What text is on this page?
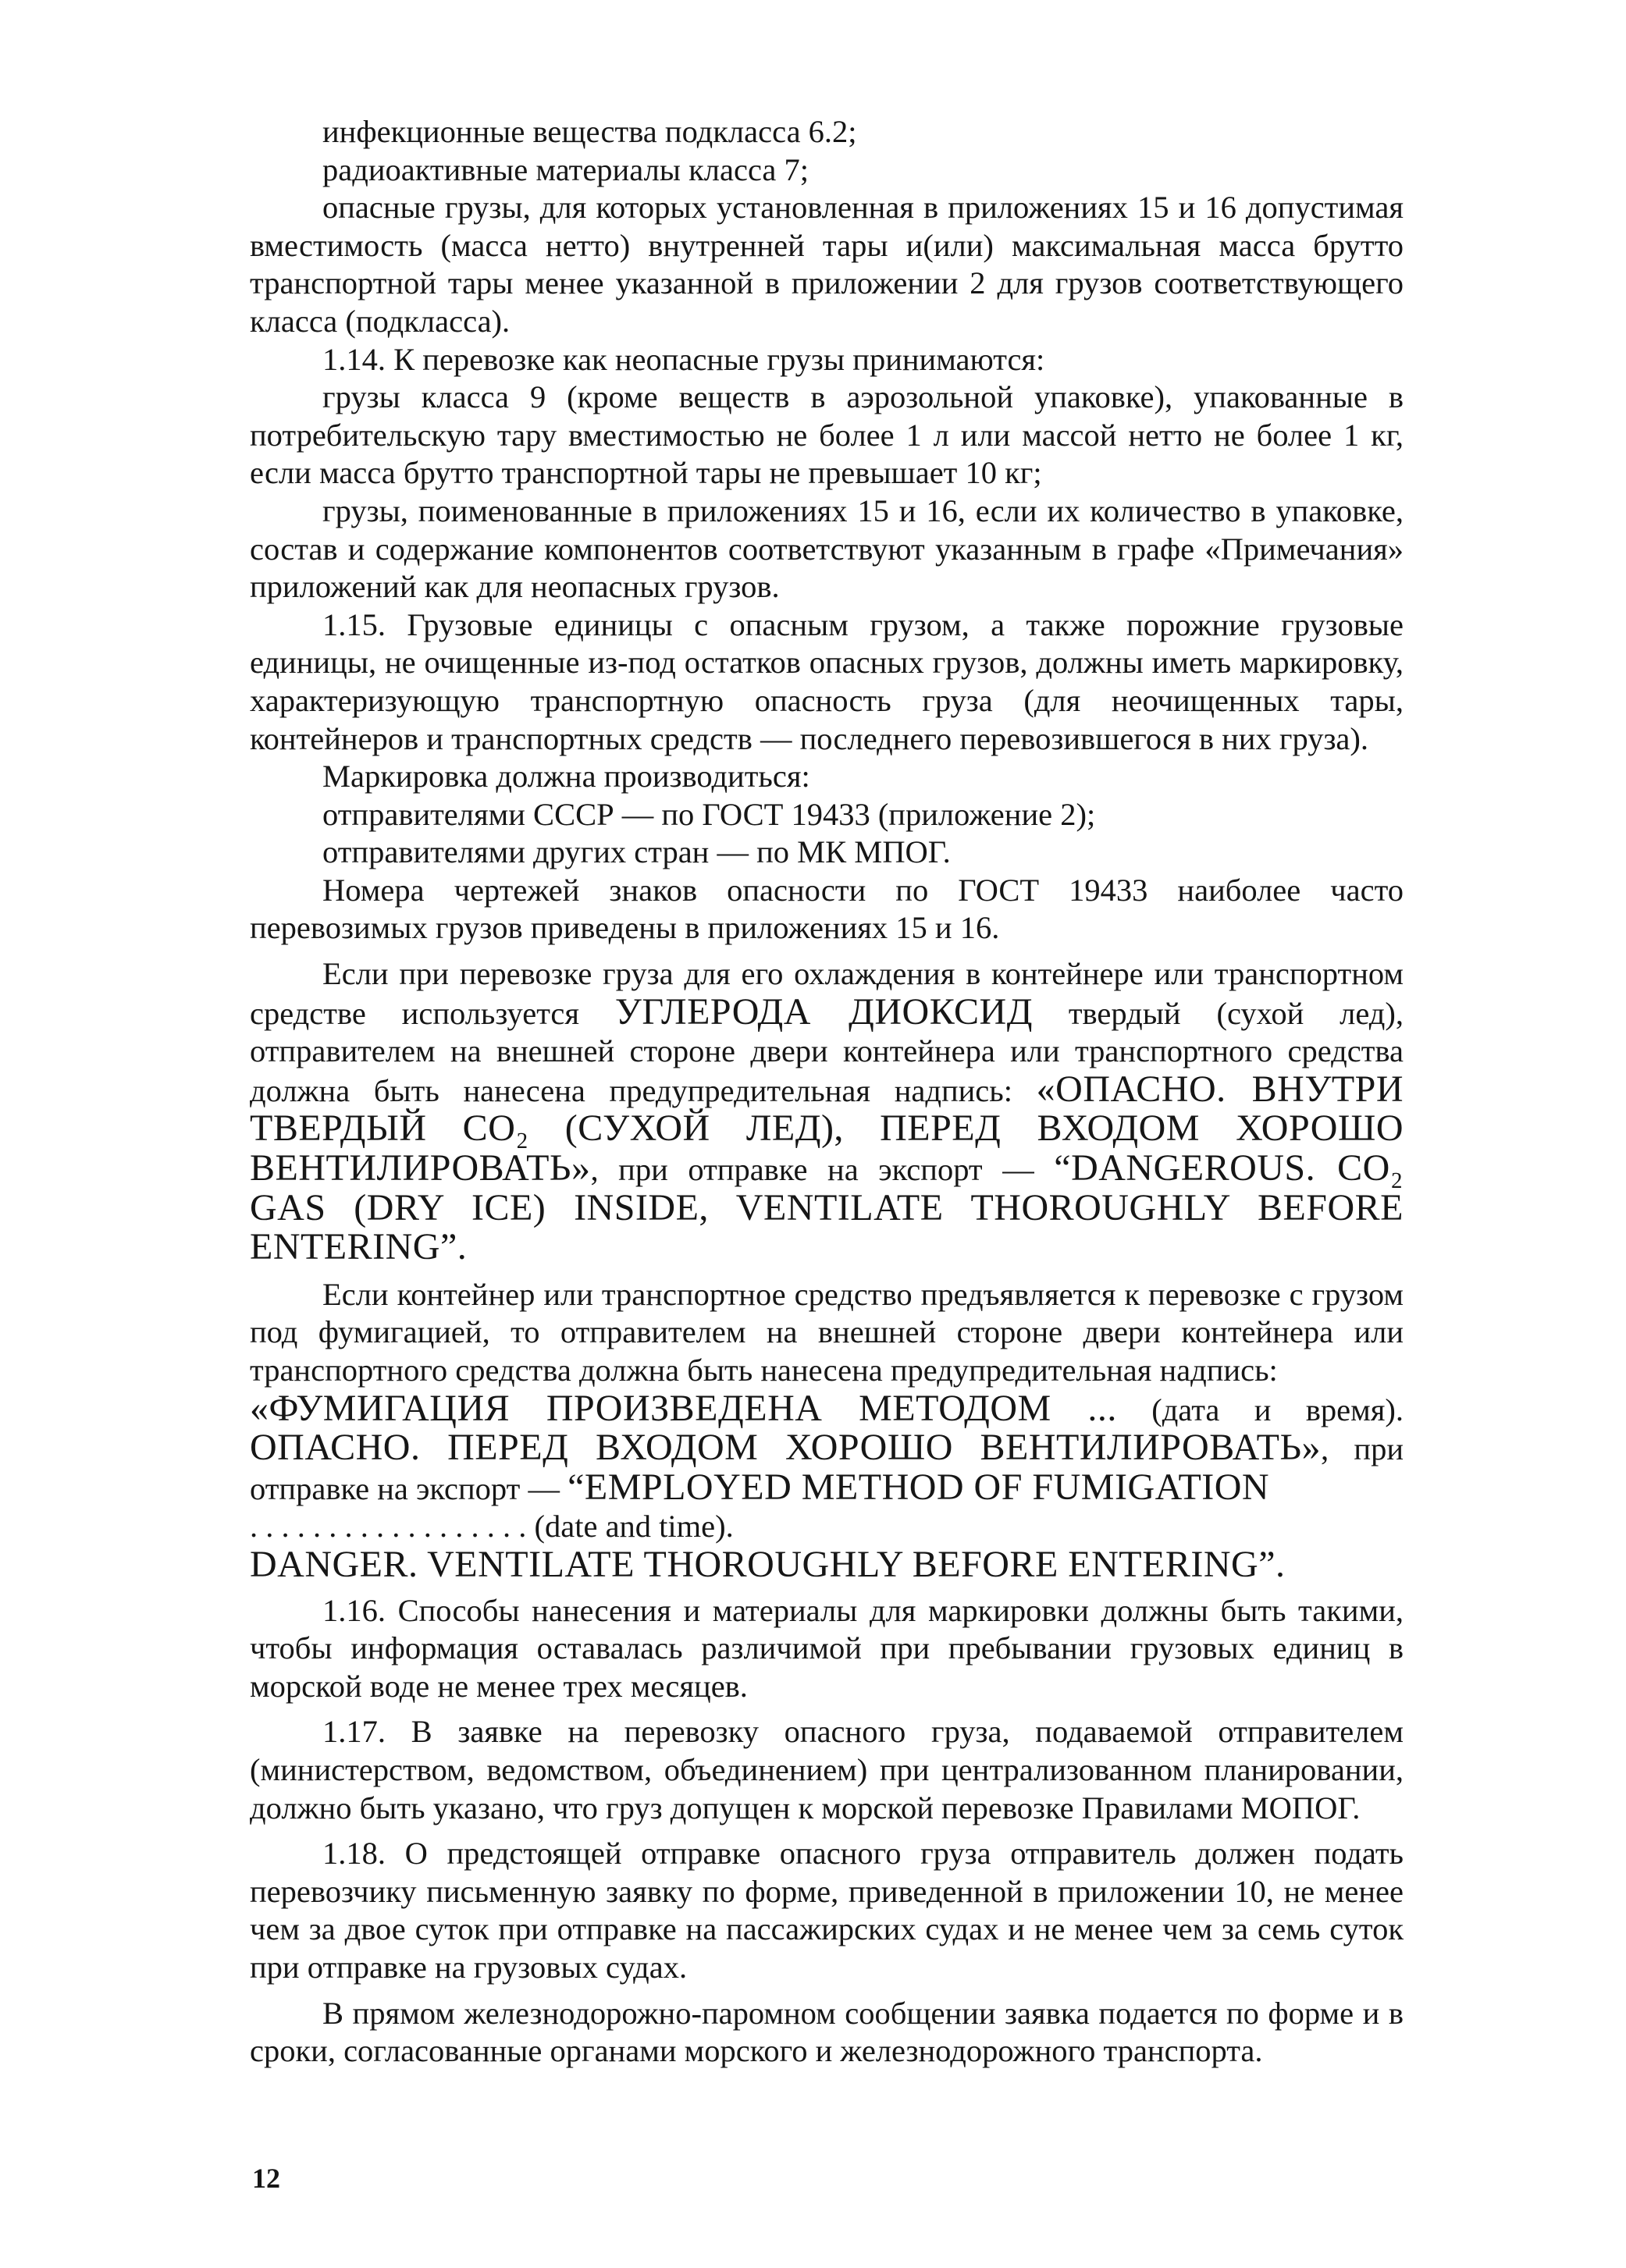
инфекционные вещества подкласса 6.2;

радиоактивные материалы класса 7;

опасные грузы, для которых установленная в приложениях 15 и 16 допустимая вместимость (масса нетто) внутренней тары и(или) максимальная масса брутто транспортной тары менее указанной в приложении 2 для грузов соответствующего класса (подкласса).

1.14. К перевозке как неопасные грузы принимаются:

грузы класса 9 (кроме веществ в аэрозольной упаковке), упакованные в потребительскую тару вместимостью не более 1 л или массой нетто не более 1 кг, если масса брутто транспортной тары не превышает 10 кг;

грузы, поименованные в приложениях 15 и 16, если их количество в упаковке, состав и содержание компонентов соответствуют указанным в графе «Примечания» приложений как для неопасных грузов.

1.15. Грузовые единицы с опасным грузом, а также порожние грузовые единицы, не очищенные из-под остатков опасных грузов, должны иметь маркировку, характеризующую транспортную опасность груза (для неочищенных тары, контейнеров и транспортных средств — последнего перевозившегося в них груза).

Маркировка должна производиться:

отправителями СССР — по ГОСТ 19433 (приложение 2);

отправителями других стран — по МК МПОГ.

Номера чертежей знаков опасности по ГОСТ 19433 наиболее часто перевозимых грузов приведены в приложениях 15 и 16.

Если при перевозке груза для его охлаждения в контейнере или транспортном средстве используется УГЛЕРОДА ДИОКСИД твердый (сухой лед), отправителем на внешней стороне двери контейнера или транспортного средства должна быть нанесена предупредительная надпись: «ОПАСНО. ВНУТРИ ТВЕРДЫЙ CO₂ (СУХОЙ ЛЕД), ПЕРЕД ВХОДОМ ХОРОШО ВЕНТИЛИРОВАТЬ», при отправке на экспорт — “DANGEROUS. CO₂ GAS (DRY ICE) INSIDE, VENTILATE THOROUGHLY BEFORE ENTERING”.

Если контейнер или транспортное средство предъявляется к перевозке с грузом под фумигацией, то отправителем на внешней стороне двери контейнера или транспортного средства должна быть нанесена предупредительная надпись:

«ФУМИГАЦИЯ ПРОИЗВЕДЕНА МЕТОДОМ ... (дата и время). ОПАСНО. ПЕРЕД ВХОДОМ ХОРОШО ВЕНТИЛИРОВАТЬ», при отправке на экспорт — “EMPLOYED METHOD OF FUMIGATION

. . . . . . . . . . . . . . . . . . (date and time).

DANGER. VENTILATE THOROUGHLY BEFORE ENTERING”.

1.16. Способы нанесения и материалы для маркировки должны быть такими, чтобы информация оставалась различимой при пребывании грузовых единиц в морской воде не менее трех месяцев.

1.17. В заявке на перевозку опасного груза, подаваемой отправителем (министерством, ведомством, объединением) при централизованном планировании, должно быть указано, что груз допущен к морской перевозке Правилами МОПОГ.

1.18. О предстоящей отправке опасного груза отправитель должен подать перевозчику письменную заявку по форме, приведенной в приложении 10, не менее чем за двое суток при отправке на пассажирских судах и не менее чем за семь суток при отправке на грузовых судах.

В прямом железнодорожно-паромном сообщении заявка подается по форме и в сроки, согласованные органами морского и железнодорожного транспорта.

12
